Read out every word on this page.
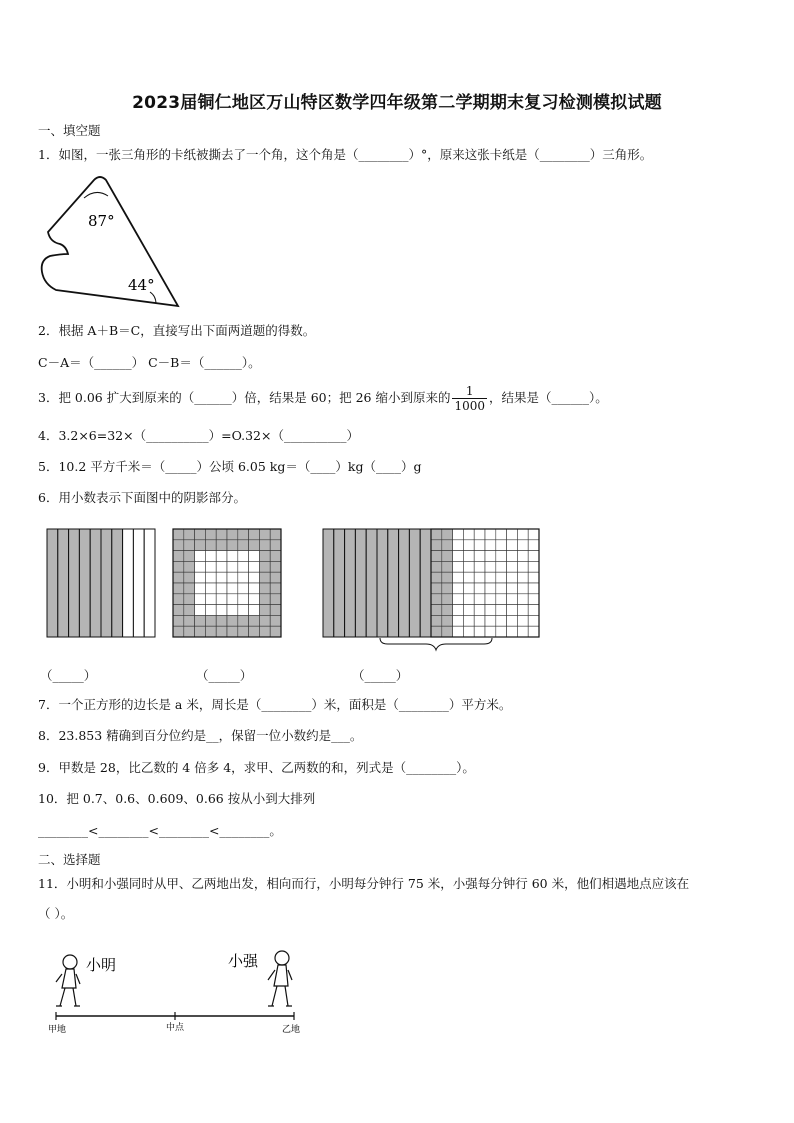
2023届铜仁地区万山特区数学四年级第二学期期末复习检测模拟试题
一、填空题
1．如图，一张三角形的卡纸被撕去了一个角，这个角是（________）°，原来这张卡纸是（________）三角形。
87°
44°
2．根据 A＋B＝C，直接写出下面两道题的得数。
C－A＝（______） C－B＝（______）。
3．把 0.06 扩大到原来的（______）倍，结果是 60；把 26 缩小到原来的 $\frac{1}{1000}$ ，结果是（______）。
4．3.2×6=32×（__________）=O.32×（__________）
5．10.2 平方千米＝（_____）公顷 6.05 kg＝（____）kg（____）g
6．用小数表示下面图中的阴影部分。
（_____）	（_____）	（_____）
7．一个正方形的边长是 a 米，周长是（________）米，面积是（________）平方米。
8．23.853 精确到百分位约是__，保留一位小数约是___。
9．甲数是 28，比乙数的 4 倍多 4，求甲、乙两数的和，列式是（________）。
10．把 0.7、0.6、0.609、0.66 按从小到大排列
________<________<________<________。
二、选择题
11．小明和小强同时从甲、乙两地出发，相向而行，小明每分钟行 75 米，小强每分钟行 60 米，他们相遇地点应该在
（ ）。
小明	小强
甲地	中点	乙地
